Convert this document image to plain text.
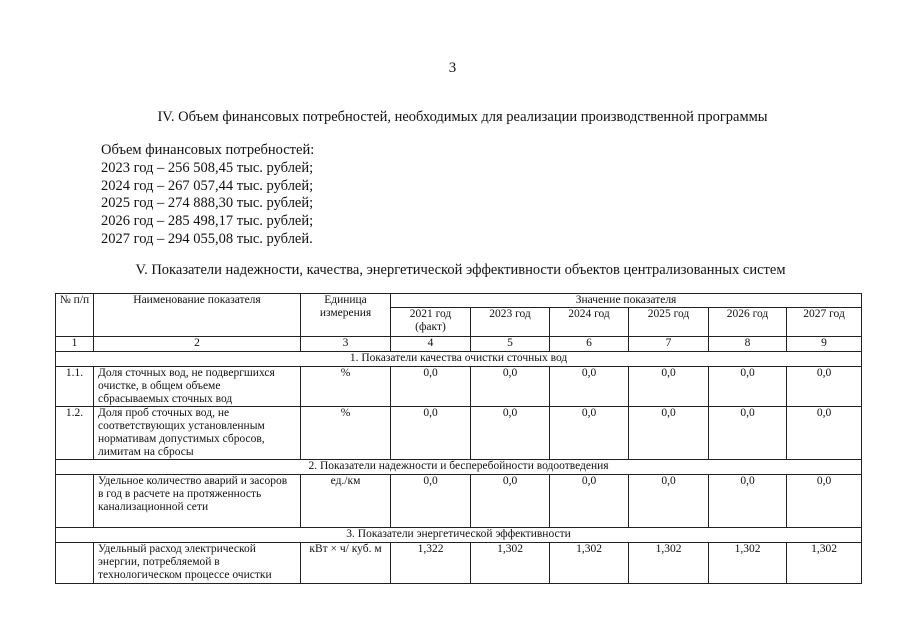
3
IV. Объем финансовых потребностей, необходимых для реализации производственной программы
Объем финансовых потребностей:
2023 год – 256 508,45 тыс. рублей;
2024 год – 267 057,44 тыс. рублей;
2025 год – 274 888,30 тыс. рублей;
2026 год – 285 498,17 тыс. рублей;
2027 год – 294 055,08 тыс. рублей.
V. Показатели надежности, качества, энергетической эффективности объектов централизованных систем
№ п/п	Наименование показателя	Единица измерения	Значение показателя					
			2021 год (факт)	2023 год	2024 год	2025 год	2026 год	2027 год
1	2	3	4	5	6	7	8	9
1. Показатели качества очистки сточных вод								
1.1.	Доля сточных вод, не подвергшихся очистке, в общем объеме сбрасываемых сточных вод	%	0,0	0,0	0,0	0,0	0,0	0,0
1.2.	Доля проб сточных вод, не соответствующих установленным нормативам допустимых сбросов, лимитам на сбросы	%	0,0	0,0	0,0	0,0	0,0	0,0
2. Показатели надежности и бесперебойности водоотведения								
	Удельное количество аварий и засоров в год в расчете на протяженность канализационной сети	ед./км	0,0	0,0	0,0	0,0	0,0	0,0
3. Показатели энергетической эффективности								
	Удельный расход электрической энергии, потребляемой в технологическом процессе очистки	кВт × ч/ куб. м	1,322	1,302	1,302	1,302	1,302	1,302
